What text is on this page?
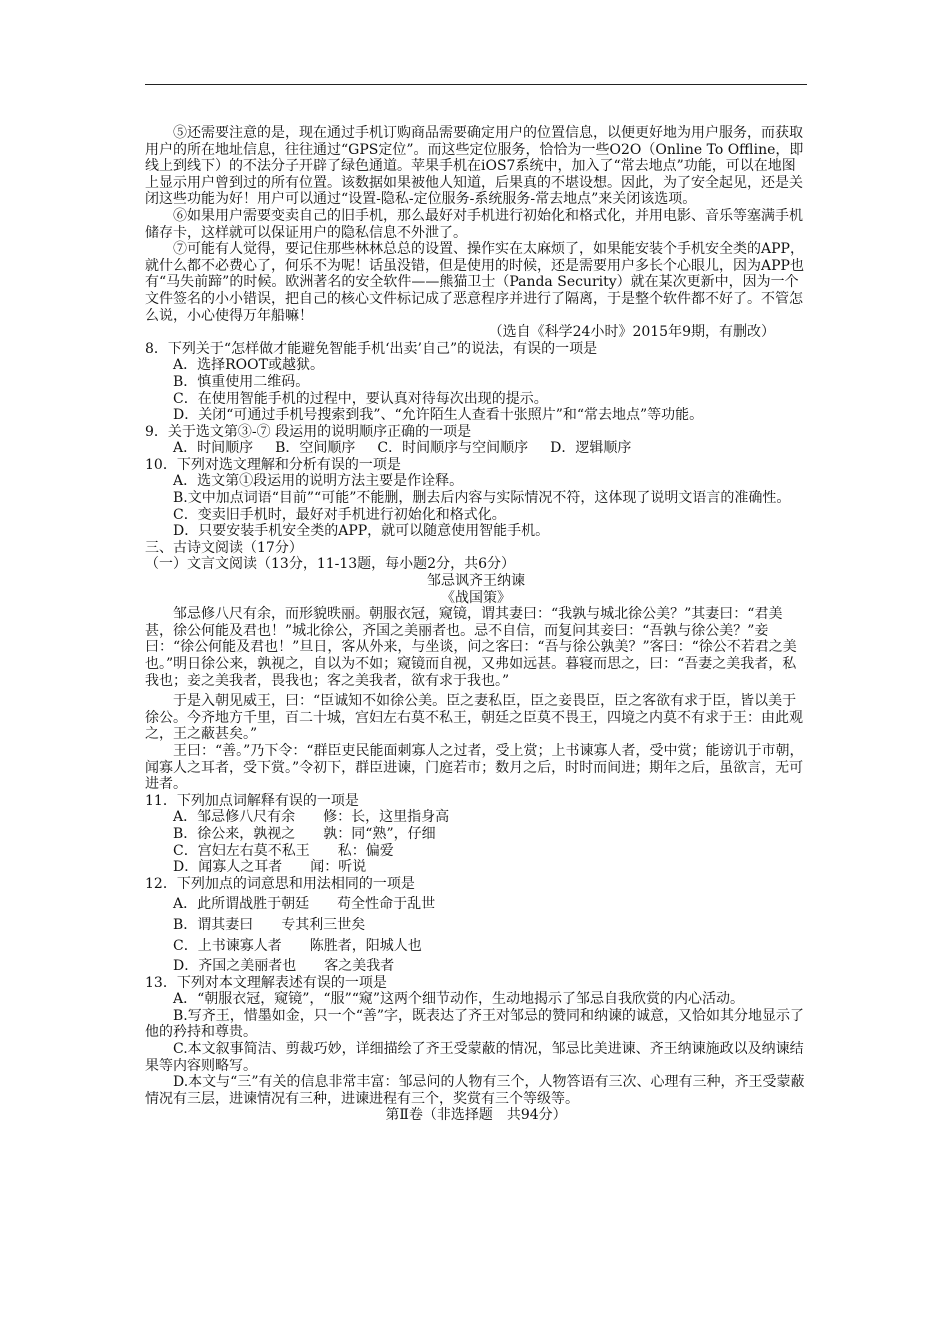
⑤还需要注意的是，现在通过手机订购商品需要确定用户的位置信息，以便更好地为用户服务，而获取用户的所在地址信息，往往通过“GPS定位”。而这些定位服务，恰恰为一些O2O（Online To Offline，即线上到线下）的不法分子开辟了绿色通道。苹果手机在iOS7系统中，加入了“常去地点”功能，可以在地图上显示用户曾到过的所有位置。该数据如果被他人知道，后果真的不堪设想。因此，为了安全起见，还是关闭这些功能为好！用户可以通过“设置-隐私-定位服务-系统服务-常去地点”来关闭该选项。

⑥如果用户需要变卖自己的旧手机，那么最好对手机进行初始化和格式化，并用电影、音乐等塞满手机储存卡，这样就可以保证用户的隐私信息不外泄了。

⑦可能有人觉得，要记住那些林林总总的设置、操作实在太麻烦了，如果能安装个手机安全类的APP，就什么都不必费心了，何乐不为呢！话虽没错，但是使用的时候，还是需要用户多长个心眼儿，因为APP也有“马失前蹄”的时候。欧洲著名的安全软件——熊猫卫士（Panda Security）就在某次更新中，因为一个文件签名的小小错误，把自己的核心文件标记成了恶意程序并进行了隔离，于是整个软件都不好了。不管怎么说，小心使得万年船嘛！

（选自《科学24小时》2015年9期，有删改）

8．下列关于“怎样做才能避免智能手机‘出卖’自己”的说法，有误的一项是

A．选择ROOT或越狱。

B．慎重使用二维码。

C．在使用智能手机的过程中，要认真对待每次出现的提示。

D．关闭“可通过手机号搜索到我”、“允许陌生人查看十张照片”和“常去地点”等功能。

9．关于选文第③-⑦ 段运用的说明顺序正确的一项是

A．时间顺序 B．空间顺序 C．时间顺序与空间顺序 D．逻辑顺序

10．下列对选文理解和分析有误的一项是

A．选文第①段运用的说明方法主要是作诠释。

B.文中加点词语“目前”“可能”不能删，删去后内容与实际情况不符，这体现了说明文语言的准确性。

C．变卖旧手机时，最好对手机进行初始化和格式化。

D．只要安装手机安全类的APP，就可以随意使用智能手机。

三、古诗文阅读（17分）

（一）文言文阅读（13分，11-13题，每小题2分，共6分）

邹忌讽齐王纳谏

《战国策》

邹忌修八尺有余，而形貌昳丽。朝服衣冠，窥镜，谓其妻曰：“我孰与城北徐公美？”其妻曰：“君美甚，徐公何能及君也！”城北徐公，齐国之美丽者也。忌不自信，而复问其妾曰：“吾孰与徐公美？”妾曰：“徐公何能及君也！”旦日，客从外来，与坐谈，问之客曰：“吾与徐公孰美？”客曰：“徐公不若君之美也。”明日徐公来，孰视之，自以为不如；窥镜而自视，又弗如远甚。暮寝而思之，曰：“吾妻之美我者，私我也；妾之美我者，畏我也；客之美我者，欲有求于我也。”

于是入朝见威王，曰：“臣诚知不如徐公美。臣之妻私臣，臣之妾畏臣，臣之客欲有求于臣，皆以美于徐公。今齐地方千里，百二十城，宫妇左右莫不私王，朝廷之臣莫不畏王，四境之内莫不有求于王：由此观之，王之蔽甚矣。”

王曰：“善。”乃下令：“群臣吏民能面刺寡人之过者，受上赏；上书谏寡人者，受中赏；能谤讥于市朝，闻寡人之耳者，受下赏。”令初下，群臣进谏，门庭若市；数月之后，时时而间进；期年之后，虽欲言，无可进者。

11．下列加点词解释有误的一项是

A．邹忌修八尺有余　　修：长，这里指身高

B．徐公来，孰视之　　孰：同“熟”，仔细

C．宫妇左右莫不私王　　私：偏爱

D．闻寡人之耳者　　闻：听说

12．下列加点的词意思和用法相同的一项是

A．此所谓战胜于朝廷　　苟全性命于乱世

B．谓其妻曰　　专其利三世矣

C．上书谏寡人者　　陈胜者，阳城人也

D．齐国之美丽者也　　客之美我者

13．下列对本文理解表述有误的一项是

A．“朝服衣冠，窥镜”，“服”“窥”这两个细节动作，生动地揭示了邹忌自我欣赏的内心活动。

B.写齐王，惜墨如金，只一个“善”字，既表达了齐王对邹忌的赞同和纳谏的诚意，又恰如其分地显示了他的矜持和尊贵。

C.本文叙事简洁、剪裁巧妙，详细描绘了齐王受蒙蔽的情况，邹忌比美进谏、齐王纳谏施政以及纳谏结果等内容则略写。

D.本文与“三”有关的信息非常丰富：邹忌问的人物有三个，人物答语有三次、心理有三种，齐王受蒙蔽情况有三层，进谏情况有三种，进谏进程有三个，奖赏有三个等级等。

第Ⅱ卷（非选择题　共94分）
